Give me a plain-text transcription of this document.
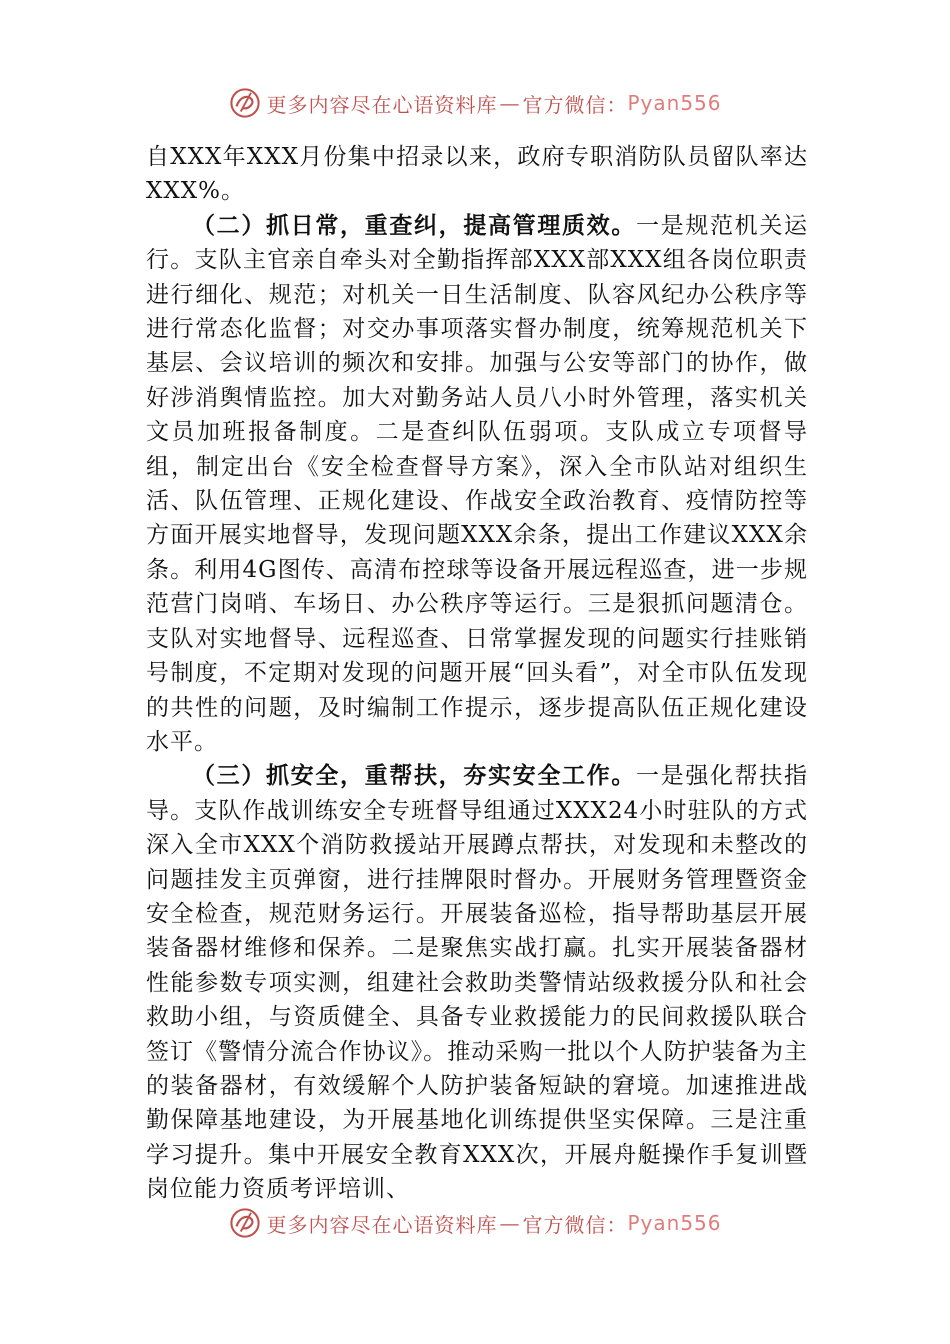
更多内容尽在心语资料库 — 官方微信： Pyan556

自XXX年XXX月份集中招录以来，政府专职消防队员留队率达XXX%。

（二）抓日常，重查纠，提高管理质效。一是规范机关运行。支队主官亲自牵头对全勤指挥部XXX部XXX组各岗位职责进行细化、规范；对机关一日生活制度、队容风纪办公秩序等进行常态化监督；对交办事项落实督办制度，统筹规范机关下基层、会议培训的频次和安排。加强与公安等部门的协作，做好涉消舆情监控。加大对勤务站人员八小时外管理，落实机关文员加班报备制度。二是查纠队伍弱项。支队成立专项督导组，制定出台《安全检查督导方案》，深入全市队站对组织生活、队伍管理、正规化建设、作战安全政治教育、疫情防控等方面开展实地督导，发现问题XXX余条，提出工作建议XXX余条。利用4G图传、高清布控球等设备开展远程巡查，进一步规范营门岗哨、车场日、办公秩序等运行。三是狠抓问题清仓。支队对实地督导、远程巡查、日常掌握发现的问题实行挂账销号制度，不定期对发现的问题开展“回头看”，对全市队伍发现的共性的问题，及时编制工作提示，逐步提高队伍正规化建设水平。

（三）抓安全，重帮扶，夯实安全工作。一是强化帮扶指导。支队作战训练安全专班督导组通过XXX24小时驻队的方式深入全市XXX个消防救援站开展蹲点帮扶，对发现和未整改的问题挂发主页弹窗，进行挂牌限时督办。开展财务管理暨资金安全检查，规范财务运行。开展装备巡检，指导帮助基层开展装备器材维修和保养。二是聚焦实战打赢。扎实开展装备器材性能参数专项实测，组建社会救助类警情站级救援分队和社会救助小组，与资质健全、具备专业救援能力的民间救援队联合签订《警情分流合作协议》。推动采购一批以个人防护装备为主的装备器材，有效缓解个人防护装备短缺的窘境。加速推进战勤保障基地建设，为开展基地化训练提供坚实保障。三是注重学习提升。集中开展安全教育XXX次，开展舟艇操作手复训暨岗位能力资质考评培训、

更多内容尽在心语资料库 — 官方微信： Pyan556
